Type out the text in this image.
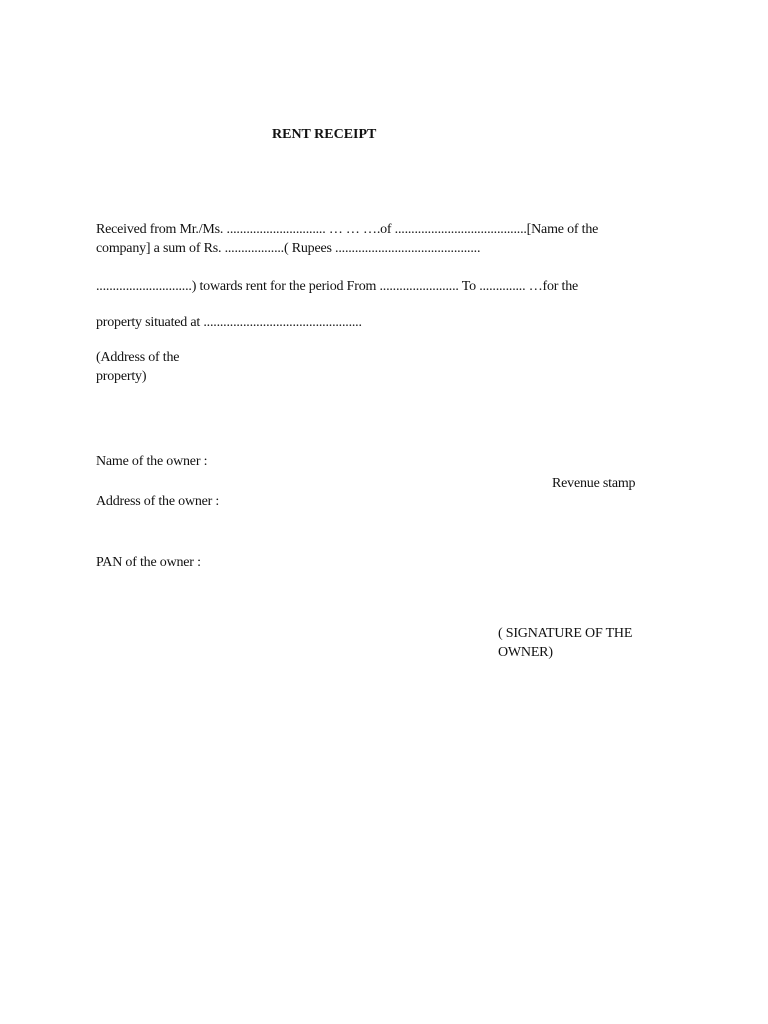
RENT RECEIPT
Received from Mr./Ms. .............................. … … ….of ........................................[Name of the
company] a sum of Rs. ..................( Rupees ............................................
.............................) towards rent for the period From ........................ To .............. …for the
property situated at ................................................
(Address of the
property)
Name of the owner :
Revenue stamp
Address of the owner :
PAN of the owner :
( SIGNATURE OF THE
OWNER)
